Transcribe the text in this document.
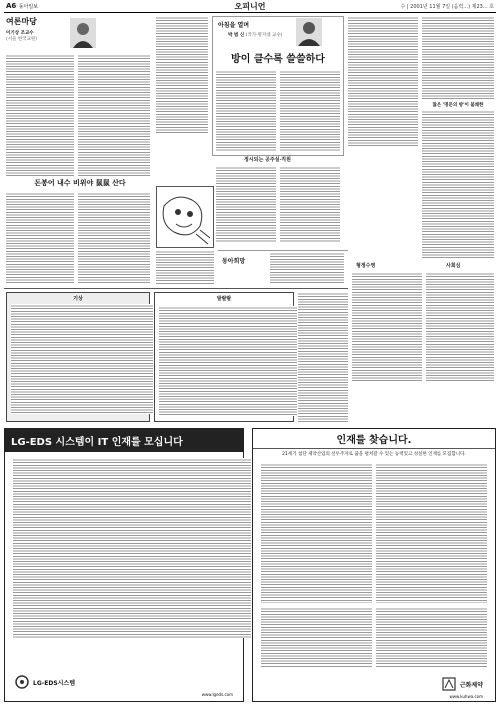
A6 동아일보	오피니언	수 | 2001년 11월 7일 (음력...) 제23... 호
여론마당
이기상 조교수
(서울 한국교원)
돈봉어 내수 비위야 鼠鼠 산다
아침을 열며
박 범 신 (작가·명지대 교수)
방이 클수록 쓸쓸하다
정시되는 공주실·직원
많은 '명문의 방'이 불쾌한
동아희망
형정수영	사회심
기상	발랄랄
LG-EDS 시스템이 IT 인재를 모십니다
LG-EDS시스템
www.lgeds.com
인재를 찾습니다.
21세기 첨단 제약산업의 선두주자로 꿈을 펼쳐갈 수 있는 능력있고 성실한 인재를 모집합니다.
근화제약
www.kuhwa.com
